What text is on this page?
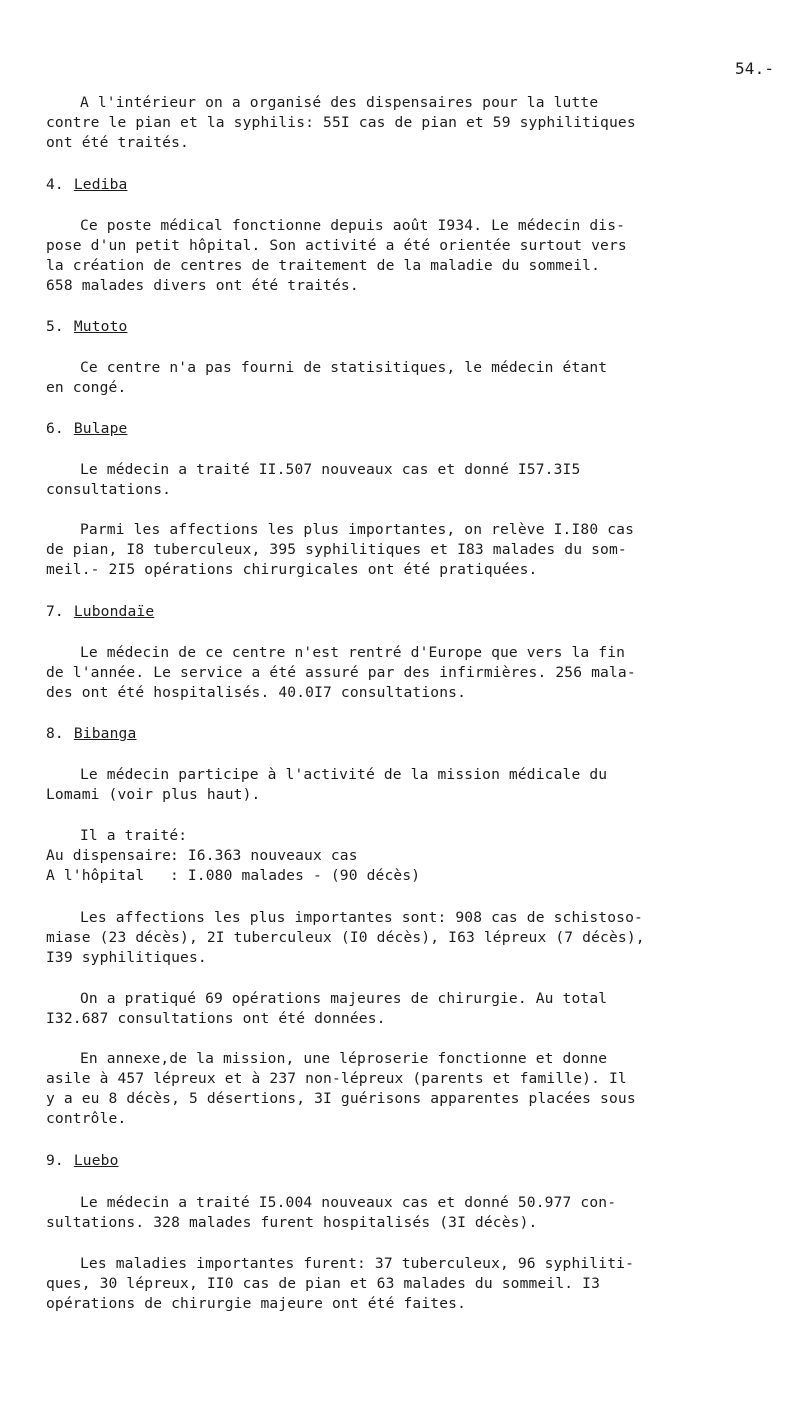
54.-
A l'intérieur on a organisé des dispensaires pour la lutte
contre le pian et la syphilis: 55I cas de pian et 59 syphilitiques
ont été traités.
4. Lediba
Ce poste médical fonctionne depuis août I934. Le médecin dis-
pose d'un petit hôpital. Son activité a été orientée surtout vers
la création de centres de traitement de la maladie du sommeil.
658 malades divers ont été traités.
5. Mutoto
Ce centre n'a pas fourni de statisitiques, le médecin étant
en congé.
6. Bulape
Le médecin a traité II.507 nouveaux cas et donné I57.3I5
consultations.
Parmi les affections les plus importantes, on relève I.I80 cas
de pian, I8 tuberculeux, 395 syphilitiques et I83 malades du som-
meil.- 2I5 opérations chirurgicales ont été pratiquées.
7. Lubondaïe
Le médecin de ce centre n'est rentré d'Europe que vers la fin
de l'année. Le service a été assuré par des infirmières. 256 mala-
des ont été hospitalisés. 40.0I7 consultations.
8. Bibanga
Le médecin participe à l'activité de la mission médicale du
Lomami (voir plus haut).
Il a traité:
Au dispensaire: I6.363 nouveaux cas
A l'hôpital : I.080 malades - (90 décès)
Les affections les plus importantes sont: 908 cas de schistoso-
miase (23 décès), 2I tuberculeux (I0 décès), I63 lépreux (7 décès),
I39 syphilitiques.
On a pratiqué 69 opérations majeures de chirurgie. Au total
I32.687 consultations ont été données.
En annexe,de la mission, une léproserie fonctionne et donne
asile à 457 lépreux et à 237 non-lépreux (parents et famille). Il
y a eu 8 décès, 5 désertions, 3I guérisons apparentes placées sous
contrôle.
9. Luebo
Le médecin a traité I5.004 nouveaux cas et donné 50.977 con-
sultations. 328 malades furent hospitalisés (3I décès).
Les maladies importantes furent: 37 tuberculeux, 96 syphiliti-
ques, 30 lépreux, II0 cas de pian et 63 malades du sommeil. I3
opérations de chirurgie majeure ont été faites.
